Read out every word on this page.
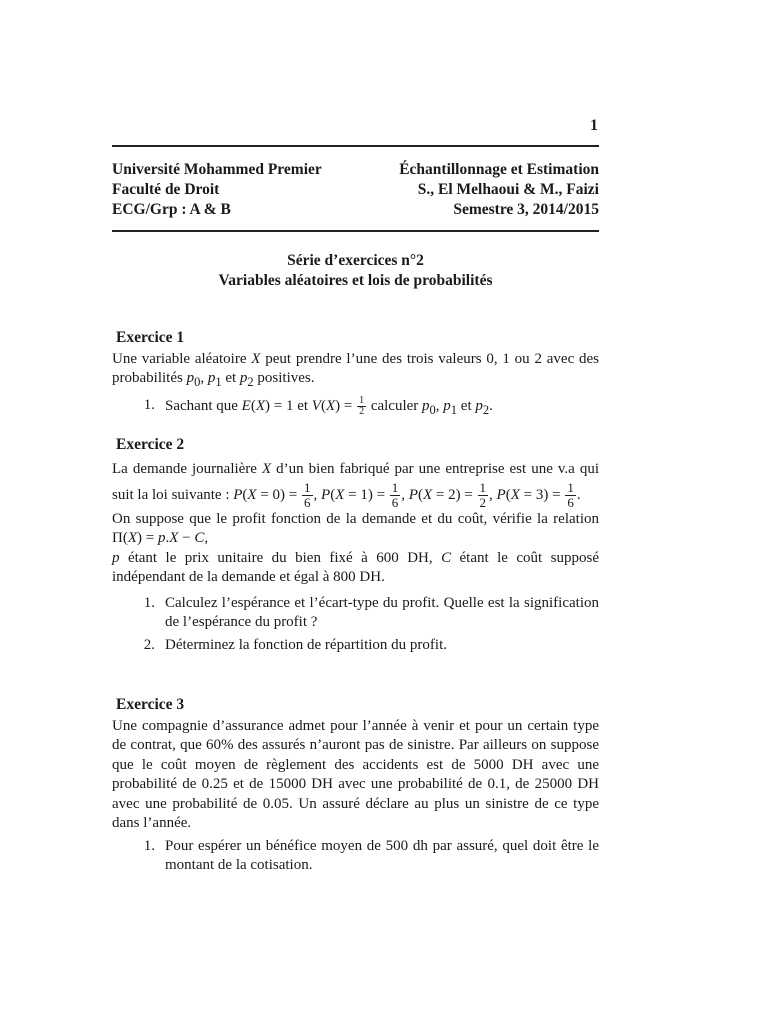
1
Université Mohammed Premier	Échantillonnage et Estimation
Faculté de Droit	S., El Melhaoui & M., Faizi
ECG/Grp : A & B	Semestre 3, 2014/2015
Série d’exercices n°2
Variables aléatoires et lois de probabilités
Exercice 1
Une variable aléatoire X peut prendre l’une des trois valeurs 0, 1 ou 2 avec des probabilités $p_0$, $p_1$ et $p_2$ positives.
1. Sachant que E(X) = 1 et $V(X) = \frac{1}{2}$ calculer $p_0$, $p_1$ et $p_2$.
Exercice 2
La demande journalière X d’un bien fabriqué par une entreprise est une v.a qui suit la loi suivante : $P(X = 0) = \frac{1}{6}$ , $P(X = 1) = \frac{1}{6}$ , $P(X = 2) = \frac{1}{2}$ , $P(X = 3) = \frac{1}{6}$ .
On suppose que le profit fonction de la demande et du coût, vérifie la relation Π(X) = p.X − C,
p étant le prix unitaire du bien fixé à 600 DH, C étant le coût supposé indépendant de la demande et égal à 800 DH.
1. Calculez l’espérance et l’écart-type du profit. Quelle est la signification de l’espérance du profit ?
2. Déterminez la fonction de répartition du profit.
Exercice 3
Une compagnie d’assurance admet pour l’année à venir et pour un certain type de contrat, que 60% des assurés n’auront pas de sinistre. Par ailleurs on suppose que le coût moyen de règlement des accidents est de 5000 DH avec une probabilité de 0.25 et de 15000 DH avec une probabilité de 0.1, de 25000 DH avec une probabilité de 0.05. Un assuré déclare au plus un sinistre de ce type dans l’année.
1. Pour espérer un bénéfice moyen de 500 dh par assuré, quel doit être le montant de la cotisation.
